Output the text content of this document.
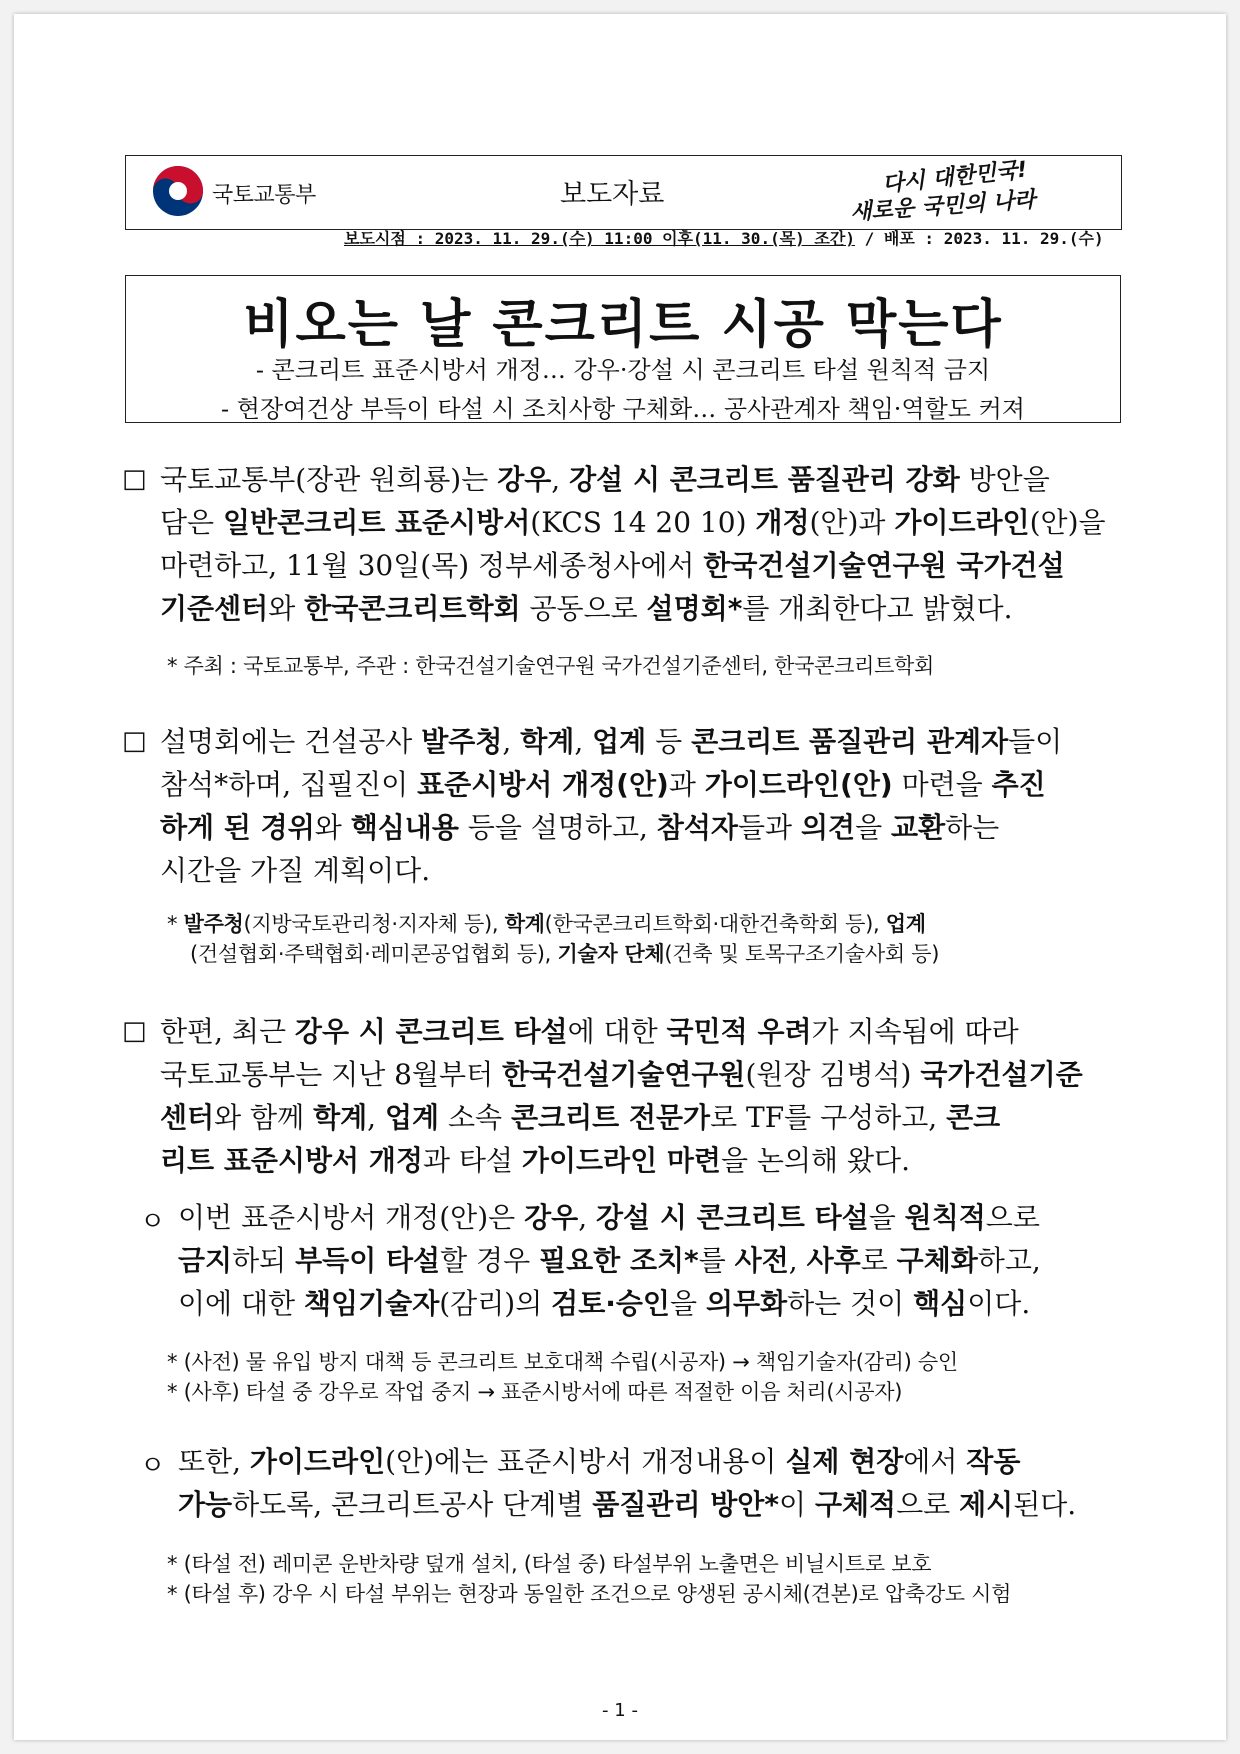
국토교통부	보도자료	다시 대한민국!
새로운 국민의 나라
보도시점 : 2023. 11. 29.(수) 11:00 이후(11. 30.(목) 조간) / 배포 : 2023. 11. 29.(수)
비오는 날 콘크리트 시공 막는다
- 콘크리트 표준시방서 개정… 강우·강설 시 콘크리트 타설 원칙적 금지
- 현장여건상 부득이 타설 시 조치사항 구체화… 공사관계자 책임·역할도 커져
□ 국토교통부(장관 원희룡)는 강우, 강설 시 콘크리트 품질관리 강화 방안을
담은 일반콘크리트 표준시방서(KCS 14 20 10) 개정(안)과 가이드라인(안)을
마련하고, 11월 30일(목) 정부세종청사에서 한국건설기술연구원 국가건설
기준센터와 한국콘크리트학회 공동으로 설명회*를 개최한다고 밝혔다.
* 주최 : 국토교통부, 주관 : 한국건설기술연구원 국가건설기준센터, 한국콘크리트학회
□ 설명회에는 건설공사 발주청, 학계, 업계 등 콘크리트 품질관리 관계자들이
참석*하며, 집필진이 표준시방서 개정(안)과 가이드라인(안) 마련을 추진
하게 된 경위와 핵심내용 등을 설명하고, 참석자들과 의견을 교환하는
시간을 가질 계획이다.
* 발주청(지방국토관리청·지자체 등), 학계(한국콘크리트학회·대한건축학회 등), 업계
(건설협회·주택협회·레미콘공업협회 등), 기술자 단체(건축 및 토목구조기술사회 등)
□ 한편, 최근 강우 시 콘크리트 타설에 대한 국민적 우려가 지속됨에 따라
국토교통부는 지난 8월부터 한국건설기술연구원(원장 김병석) 국가건설기준
센터와 함께 학계, 업계 소속 콘크리트 전문가로 TF를 구성하고, 콘크
리트 표준시방서 개정과 타설 가이드라인 마련을 논의해 왔다.
ㅇ 이번 표준시방서 개정(안)은 강우, 강설 시 콘크리트 타설을 원칙적으로
금지하되 부득이 타설할 경우 필요한 조치*를 사전, 사후로 구체화하고,
이에 대한 책임기술자(감리)의 검토·승인을 의무화하는 것이 핵심이다.
* (사전) 물 유입 방지 대책 등 콘크리트 보호대책 수립(시공자) → 책임기술자(감리) 승인
* (사후) 타설 중 강우로 작업 중지 → 표준시방서에 따른 적절한 이음 처리(시공자)
ㅇ 또한, 가이드라인(안)에는 표준시방서 개정내용이 실제 현장에서 작동
가능하도록, 콘크리트공사 단계별 품질관리 방안*이 구체적으로 제시된다.
* (타설 전) 레미콘 운반차량 덮개 설치, (타설 중) 타설부위 노출면은 비닐시트로 보호
* (타설 후) 강우 시 타설 부위는 현장과 동일한 조건으로 양생된 공시체(견본)로 압축강도 시험
- 1 -
